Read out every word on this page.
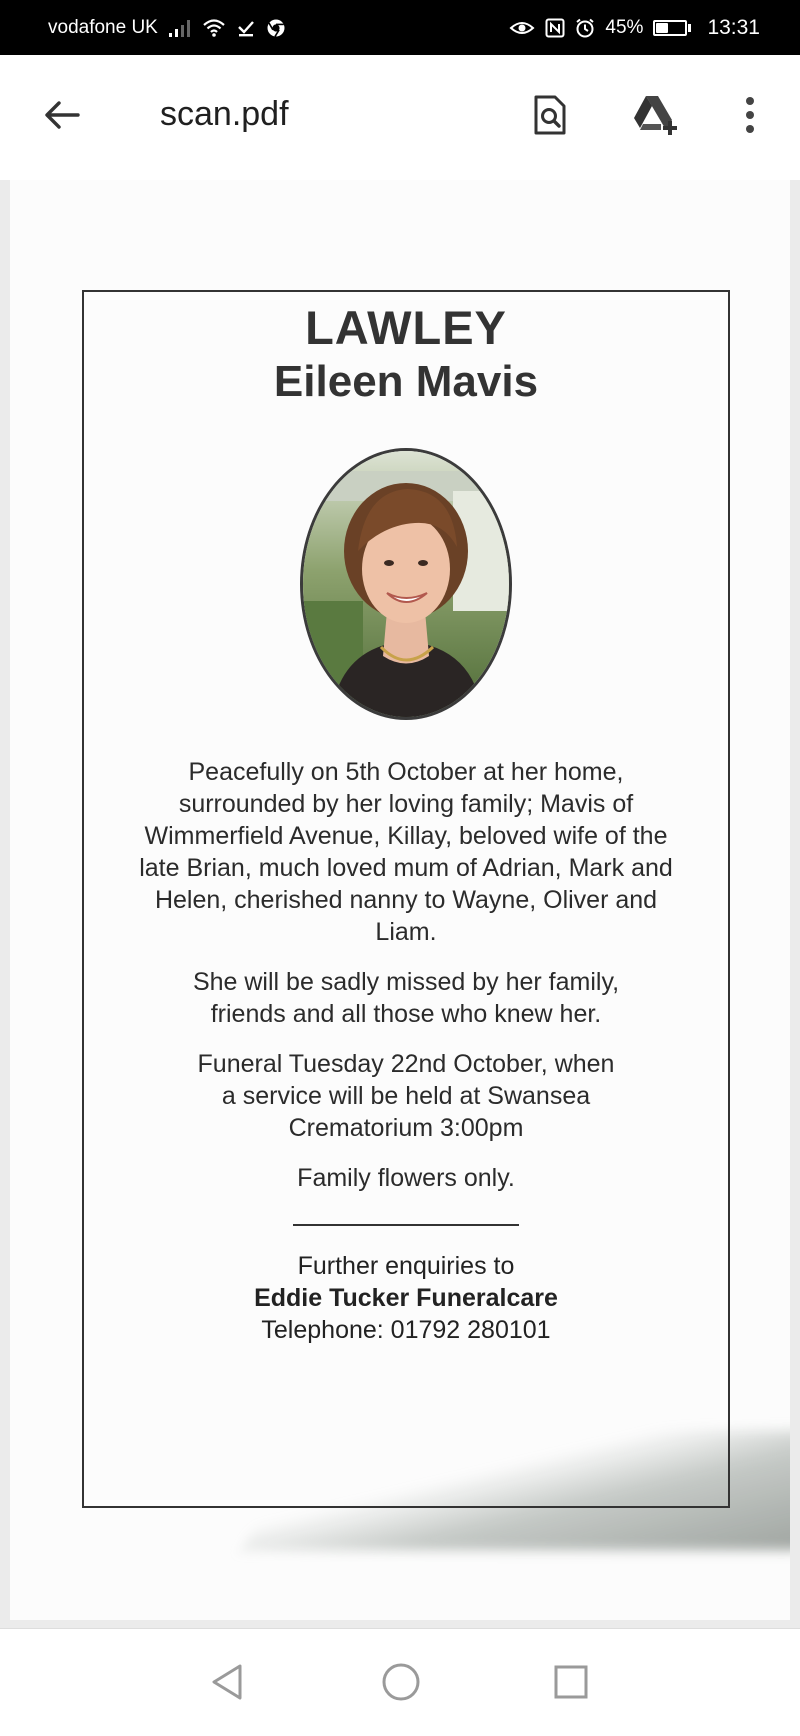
vodafone UK	45%	13:31
scan.pdf
LAWLEY
Eileen Mavis
Peacefully on 5th October at her home, surrounded by her loving family; Mavis of Wimmerfield Avenue, Killay, beloved wife of the late Brian, much loved mum of Adrian, Mark and Helen, cherished nanny to Wayne, Oliver and Liam.
She will be sadly missed by her family, friends and all those who knew her.
Funeral Tuesday 22nd October, when a service will be held at Swansea Crematorium 3:00pm
Family flowers only.
Further enquiries to
Eddie Tucker Funeralcare
Telephone: 01792 280101
